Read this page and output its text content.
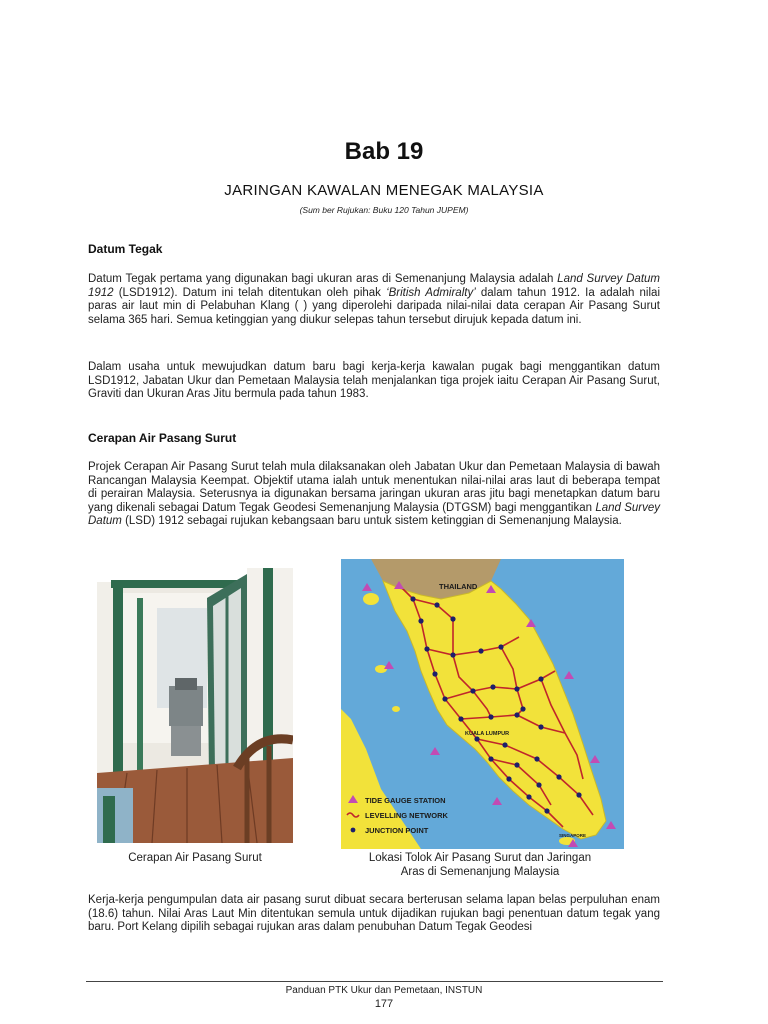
Bab 19
JARINGAN KAWALAN MENEGAK MALAYSIA
(Sum ber Rujukan: Buku 120 Tahun JUPEM)
Datum Tegak
Datum Tegak pertama yang digunakan bagi ukuran aras di Semenanjung Malaysia adalah Land Survey Datum 1912 (LSD1912). Datum ini telah ditentukan oleh pihak ‘British Admiralty’ dalam tahun 1912. Ia adalah nilai paras air laut min di Pelabuhan Klang ( ) yang diperolehi daripada nilai-nilai data cerapan Air Pasang Surut selama 365 hari. Semua ketinggian yang diukur selepas tahun tersebut dirujuk kepada datum ini.
Dalam usaha untuk mewujudkan datum baru bagi kerja-kerja kawalan pugak bagi menggantikan datum LSD1912, Jabatan Ukur dan Pemetaan Malaysia telah menjalankan tiga projek iaitu Cerapan Air Pasang Surut, Graviti dan Ukuran Aras Jitu bermula pada tahun 1983.
Cerapan Air Pasang Surut
Projek Cerapan Air Pasang Surut telah mula dilaksanakan oleh Jabatan Ukur dan Pemetaan Malaysia di bawah Rancangan Malaysia Keempat. Objektif utama ialah untuk menentukan nilai-nilai aras laut di beberapa tempat di perairan Malaysia. Seterusnya ia digunakan bersama jaringan ukuran aras jitu bagi menetapkan datum baru yang dikenali sebagai Datum Tegak Geodesi Semenanjung Malaysia (DTGSM) bagi menggantikan Land Survey Datum (LSD) 1912 sebagai rujukan kebangsaan baru untuk sistem ketinggian di Semenanjung Malaysia.
THAILAND
KUALA LUMPUR
SINGAPORE
TIDE GAUGE STATION
LEVELLING NETWORK
JUNCTION POINT
Cerapan Air Pasang Surut	Lokasi Tolok Air Pasang Surut dan Jaringan
Aras di Semenanjung Malaysia
Kerja-kerja pengumpulan data air pasang surut dibuat secara berterusan selama lapan belas perpuluhan enam (18.6) tahun. Nilai Aras Laut Min ditentukan semula untuk dijadikan rujukan bagi penentuan datum tegak yang baru. Port Kelang dipilih sebagai rujukan aras dalam penubuhan Datum Tegak Geodesi
Panduan PTK Ukur dan Pemetaan, INSTUN
177
